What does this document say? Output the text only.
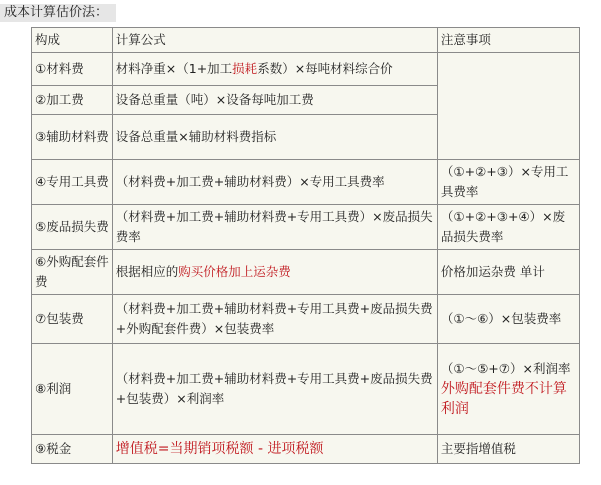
成本计算估价法：
构成	计算公式	注意事项
①材料费	材料净重×（1+加工损耗系数）×每吨材料综合价	
②加工费	设备总重量（吨）×设备每吨加工费	
③辅助材料费	设备总重量×辅助材料费指标	
④专用工具费	（材料费+加工费+辅助材料费）×专用工具费率	（①+②+③）×专用工具费率
⑤废品损失费	（材料费+加工费+辅助材料费+专用工具费）×废品损失费率	（①+②+③+④）×废品损失费率
⑥外购配套件费	根据相应的购买价格加上运杂费	价格加运杂费 单计
⑦包装费	（材料费+加工费+辅助材料费+专用工具费+废品损失费+外购配套件费）×包装费率	（①～⑥）×包装费率
⑧利润	（材料费+加工费+辅助材料费+专用工具费+废品损失费+包装费）×利润率	（①～⑤+⑦）×利润率
外购配套件费不计算利润

⑨税金	增值税=当期销项税额 - 进项税额	主要指增值税
